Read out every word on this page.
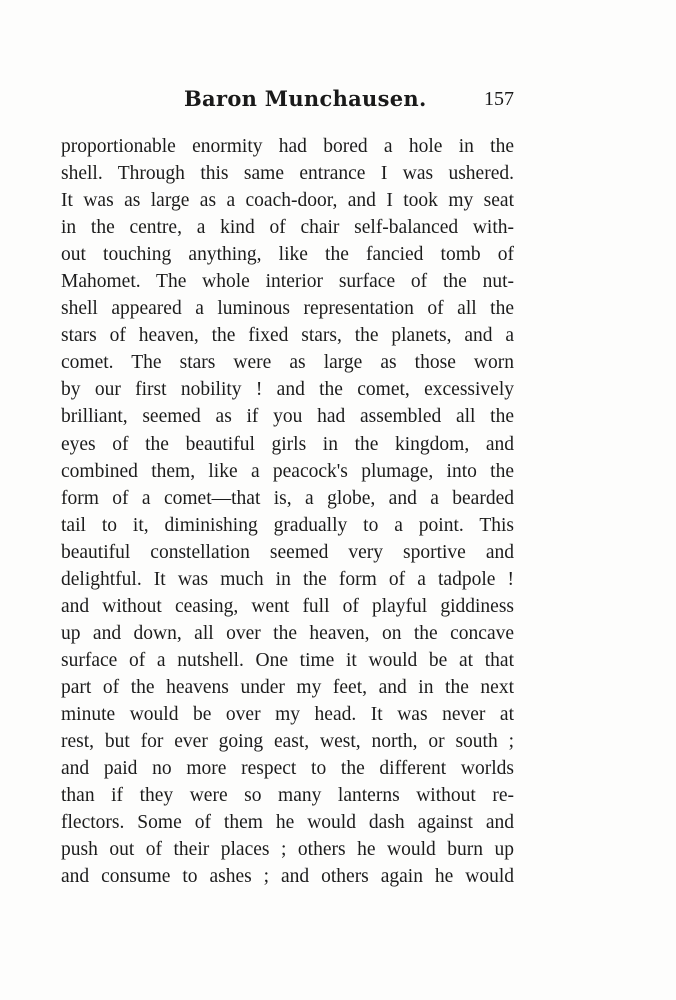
Baron Munchausen.	157
proportionable enormity had bored a hole in the
shell. Through this same entrance I was ushered.
It was as large as a coach-door, and I took my seat
in the centre, a kind of chair self-balanced with-
out touching anything, like the fancied tomb of
Mahomet. The whole interior surface of the nut-
shell appeared a luminous representation of all the
stars of heaven, the fixed stars, the planets, and a
comet. The stars were as large as those worn
by our first nobility ! and the comet, excessively
brilliant, seemed as if you had assembled all the
eyes of the beautiful girls in the kingdom, and
combined them, like a peacock's plumage, into the
form of a comet—that is, a globe, and a bearded
tail to it, diminishing gradually to a point. This
beautiful constellation seemed very sportive and
delightful. It was much in the form of a tadpole !
and without ceasing, went full of playful giddiness
up and down, all over the heaven, on the concave
surface of a nutshell. One time it would be at that
part of the heavens under my feet, and in the next
minute would be over my head. It was never at
rest, but for ever going east, west, north, or south ;
and paid no more respect to the different worlds
than if they were so many lanterns without re-
flectors. Some of them he would dash against and
push out of their places ; others he would burn up
and consume to ashes ; and others again he would
